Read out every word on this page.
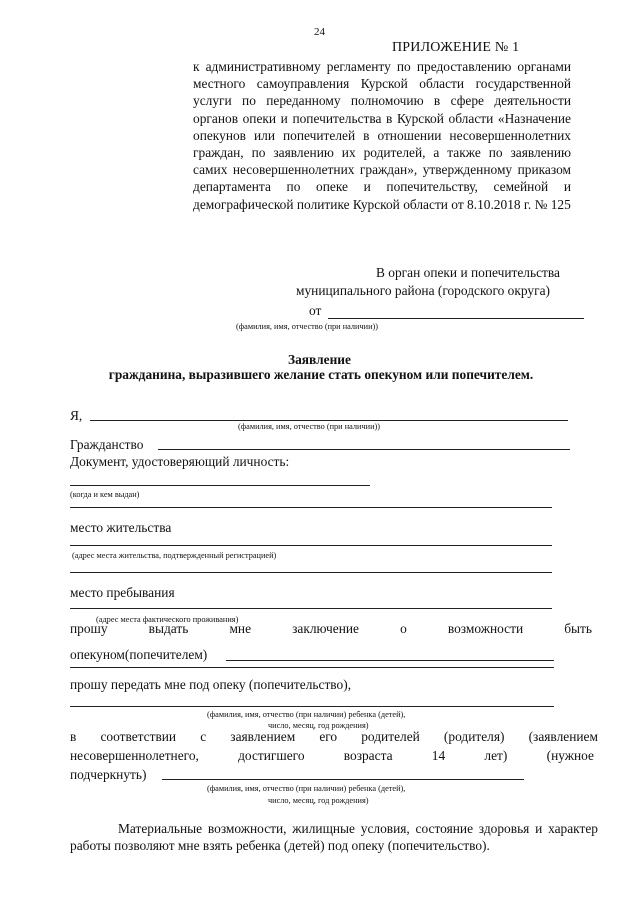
24
ПРИЛОЖЕНИЕ № 1
к административному регламенту по предоставлению органами местного самоуправления Курской области государственной услуги по переданному полномочию в сфере деятельности органов опеки и попечительства в Курской области «Назначение опекунов или попечителей в отношении несовершеннолетних граждан, по заявлению их родителей, а также по заявлению самих несовершеннолетних граждан», утвержденному приказом департамента по опеке и попечительству, семейной и демографической политике Курской области от 8.10.2018 г. № 125
В орган опеки и попечительства
муниципального района (городского округа)
от
(фамилия, имя, отчество (при наличии))
Заявление
гражданина, выразившего желание стать опекуном или попечителем.
Я,
(фамилия, имя, отчество (при наличии))
Гражданство
Документ, удостоверяющий личность:
(когда и кем выдан)
место жительства
(адрес места жительства, подтвержденный регистрацией)
место пребывания
(адрес места фактического проживания)
прошу	выдать	мне	заключение	о	возможности	быть
опекуном(попечителем)
прошу передать мне под опеку (попечительство),
(фамилия, имя, отчество (при наличии) ребенка (детей),
число, месяц, год рождения)
в соответствии с заявлением его родителей (родителя) (заявлением
несовершеннолетнего,	достигшего	возраста	14	лет)	(нужное
подчеркнуть)
(фамилия, имя, отчество (при наличии) ребенка (детей),
число, месяц, год рождения)
Материальные возможности, жилищные условия, состояние здоровья и характер работы позволяют мне взять ребенка (детей) под опеку (попечительство).
